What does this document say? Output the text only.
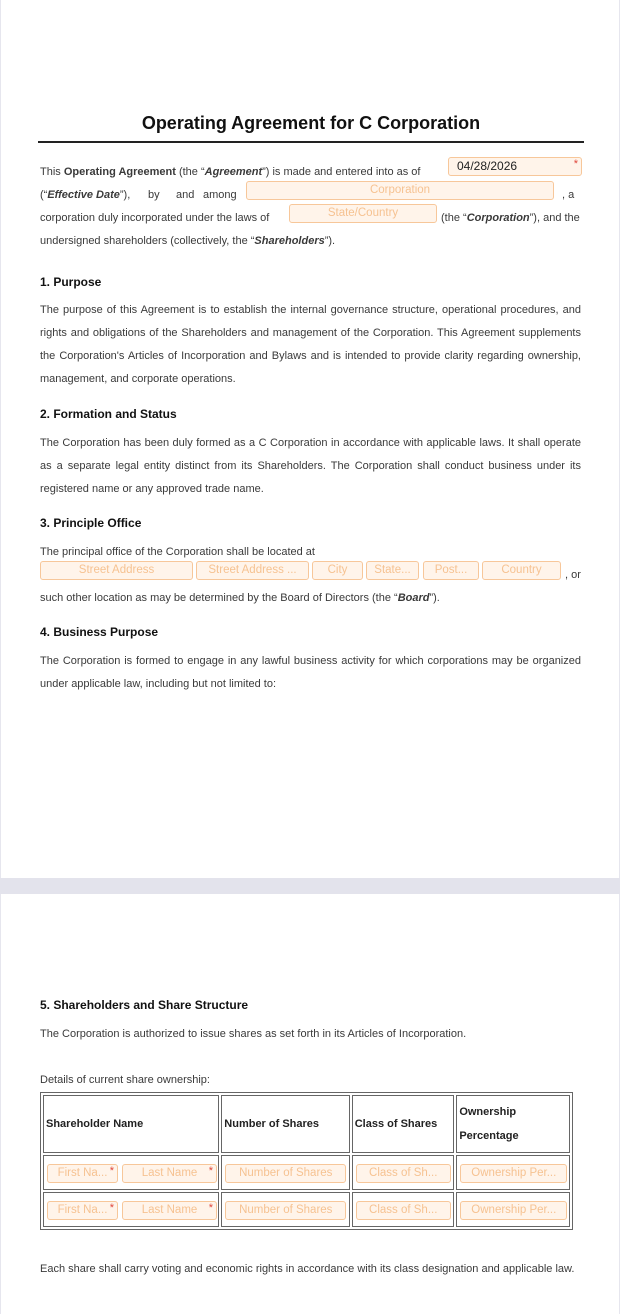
Operating Agreement for C Corporation
This Operating Agreement (the “Agreement”) is made and entered into as of	04/28/2026	*
(“Effective Date”), by and among	Corporation	, a
corporation duly incorporated under the laws of	State/Country	(the “Corporation”), and the
undersigned shareholders (collectively, the “Shareholders”).
1. Purpose
The purpose of this Agreement is to establish the internal governance structure, operational procedures, and rights and obligations of the Shareholders and management of the Corporation. This Agreement supplements the Corporation's Articles of Incorporation and Bylaws and is intended to provide clarity regarding ownership, management, and corporate operations.
2. Formation and Status
The Corporation has been duly formed as a C Corporation in accordance with applicable laws. It shall operate as a separate legal entity distinct from its Shareholders. The Corporation shall conduct business under its registered name or any approved trade name.
3. Principle Office
The principal office of the Corporation shall be located at
Street Address	Street Address ...	City	State...	Post...	Country	, or
such other location as may be determined by the Board of Directors (the “Board”).
4. Business Purpose
The Corporation is formed to engage in any lawful business activity for which corporations may be organized under applicable law, including but not limited to:
5. Shareholders and Share Structure
The Corporation is authorized to issue shares as set forth in its Articles of Incorporation.
Details of current share ownership:
Shareholder Name	Number of Shares	Class of Shares	Ownership Percentage

First Na... * Last Name *	Number of Shares	Class of Sh...	Ownership Per...

First Na... * Last Name *	Number of Shares	Class of Sh...	Ownership Per...
Each share shall carry voting and economic rights in accordance with its class designation and applicable law.
